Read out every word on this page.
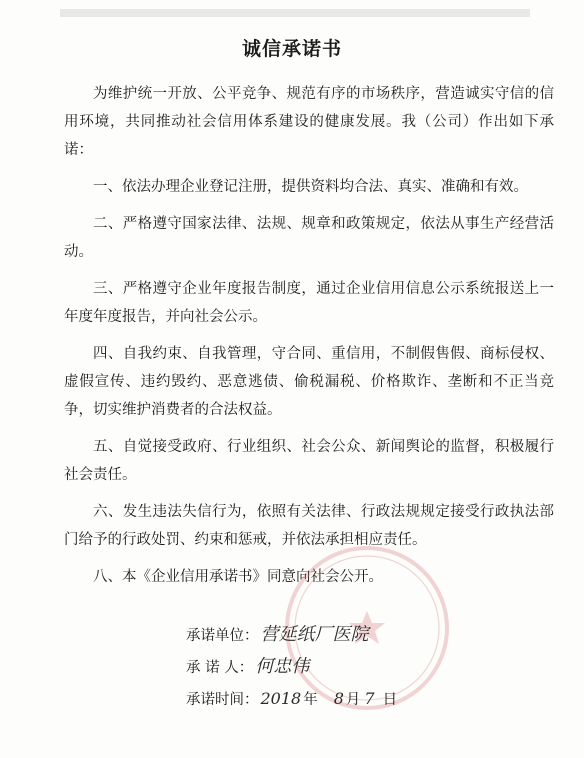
诚信承诺书

为维护统一开放、公平竞争、规范有序的市场秩序，营造诚实守信的信用环境，共同推动社会信用体系建设的健康发展。我（公司）作出如下承诺：

一、依法办理企业登记注册，提供资料均合法、真实、准确和有效。

二、严格遵守国家法律、法规、规章和政策规定，依法从事生产经营活动。

三、严格遵守企业年度报告制度，通过企业信用信息公示系统报送上一年度年度报告，并向社会公示。

四、自我约束、自我管理，守合同、重信用，不制假售假、商标侵权、虚假宣传、违约毁约、恶意逃债、偷税漏税、价格欺诈、垄断和不正当竞争，切实维护消费者的合法权益。

五、自觉接受政府、行业组织、社会公众、新闻舆论的监督，积极履行社会责任。

六、发生违法失信行为，依照有关法律、行政法规规定接受行政执法部门给予的行政处罚、约束和惩戒，并依法承担相应责任。

八、本《企业信用承诺书》同意向社会公开。

承诺单位： 营延纸厂医院
承 诺 人： 何忠伟
承诺时间： 2018 年 8 月 7 日
